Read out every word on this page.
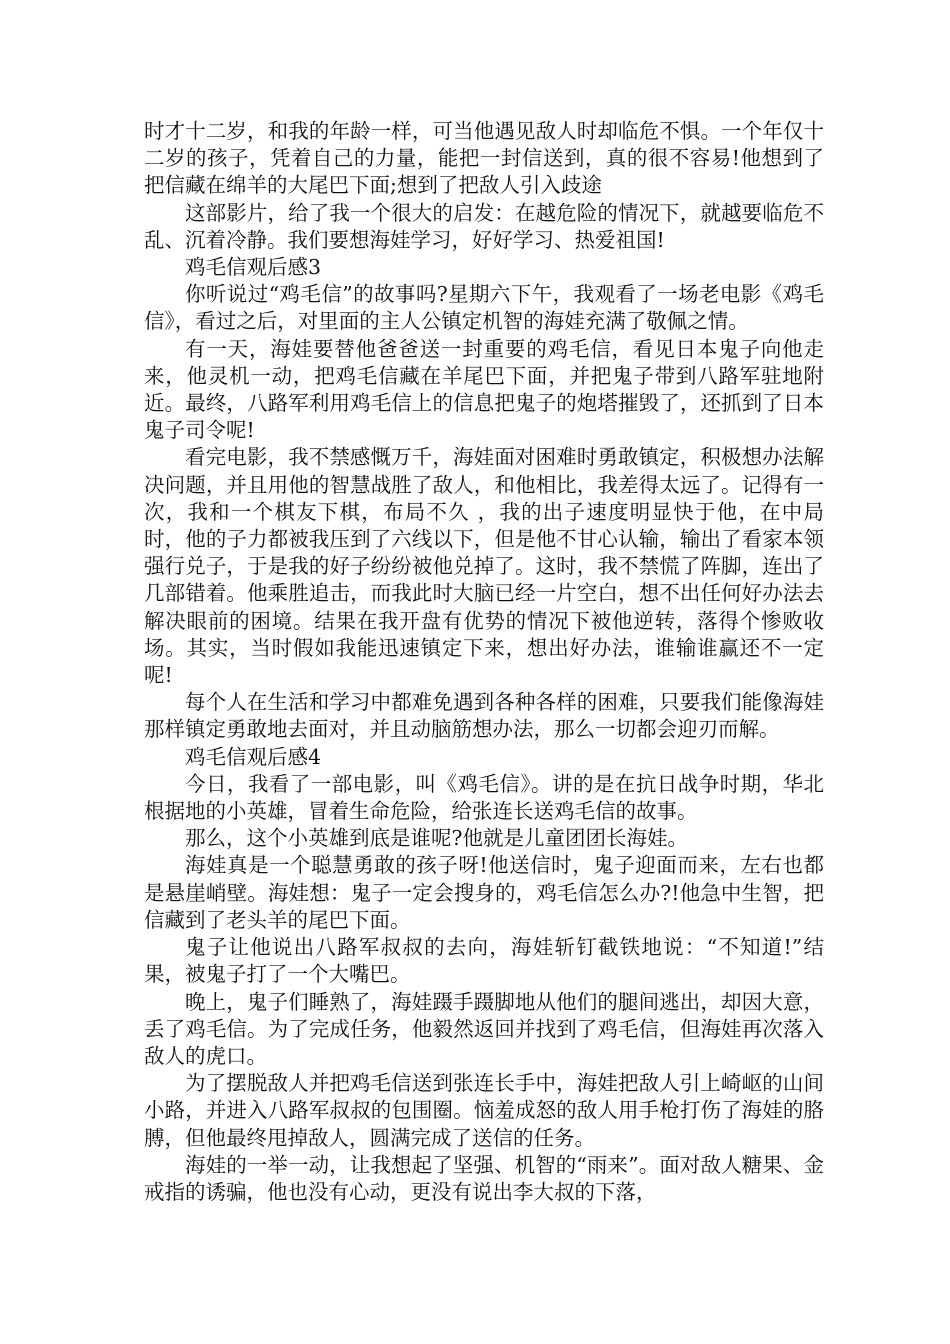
时才十二岁，和我的年龄一样，可当他遇见敌人时却临危不惧。一个年仅十二岁的孩子，凭着自己的力量，能把一封信送到，真的很不容易!他想到了把信藏在绵羊的大尾巴下面;想到了把敌人引入歧途

这部影片，给了我一个很大的启发：在越危险的情况下，就越要临危不乱、沉着冷静。我们要想海娃学习，好好学习、热爱祖国!

鸡毛信观后感3

你听说过“鸡毛信”的故事吗?星期六下午，我观看了一场老电影《鸡毛信》，看过之后，对里面的主人公镇定机智的海娃充满了敬佩之情。

有一天，海娃要替他爸爸送一封重要的鸡毛信，看见日本鬼子向他走来，他灵机一动，把鸡毛信藏在羊尾巴下面，并把鬼子带到八路军驻地附近。最终，八路军利用鸡毛信上的信息把鬼子的炮塔摧毁了，还抓到了日本鬼子司令呢!

看完电影，我不禁感慨万千，海娃面对困难时勇敢镇定，积极想办法解决问题，并且用他的智慧战胜了敌人，和他相比，我差得太远了。记得有一次，我和一个棋友下棋，布局不久 ，我的出子速度明显快于他，在中局时，他的子力都被我压到了六线以下，但是他不甘心认输，输出了看家本领强行兑子，于是我的好子纷纷被他兑掉了。这时，我不禁慌了阵脚，连出了几部错着。他乘胜追击，而我此时大脑已经一片空白，想不出任何好办法去解决眼前的困境。结果在我开盘有优势的情况下被他逆转，落得个惨败收场。其实，当时假如我能迅速镇定下来，想出好办法，谁输谁赢还不一定呢!

每个人在生活和学习中都难免遇到各种各样的困难，只要我们能像海娃那样镇定勇敢地去面对，并且动脑筋想办法，那么一切都会迎刃而解。

鸡毛信观后感4

今日，我看了一部电影，叫《鸡毛信》。讲的是在抗日战争时期，华北根据地的小英雄，冒着生命危险，给张连长送鸡毛信的故事。

那么，这个小英雄到底是谁呢?他就是儿童团团长海娃。

海娃真是一个聪慧勇敢的孩子呀!他送信时，鬼子迎面而来，左右也都是悬崖峭壁。海娃想：鬼子一定会搜身的，鸡毛信怎么办?!他急中生智，把信藏到了老头羊的尾巴下面。

鬼子让他说出八路军叔叔的去向，海娃斩钉截铁地说：“不知道!”结果，被鬼子打了一个大嘴巴。

晚上，鬼子们睡熟了，海娃蹑手蹑脚地从他们的腿间逃出，却因大意，丢了鸡毛信。为了完成任务，他毅然返回并找到了鸡毛信，但海娃再次落入敌人的虎口。

为了摆脱敌人并把鸡毛信送到张连长手中，海娃把敌人引上崎岖的山间小路，并进入八路军叔叔的包围圈。恼羞成怒的敌人用手枪打伤了海娃的胳膊，但他最终甩掉敌人，圆满完成了送信的任务。

海娃的一举一动，让我想起了坚强、机智的“雨来”。面对敌人糖果、金戒指的诱骗，他也没有心动，更没有说出李大叔的下落，
